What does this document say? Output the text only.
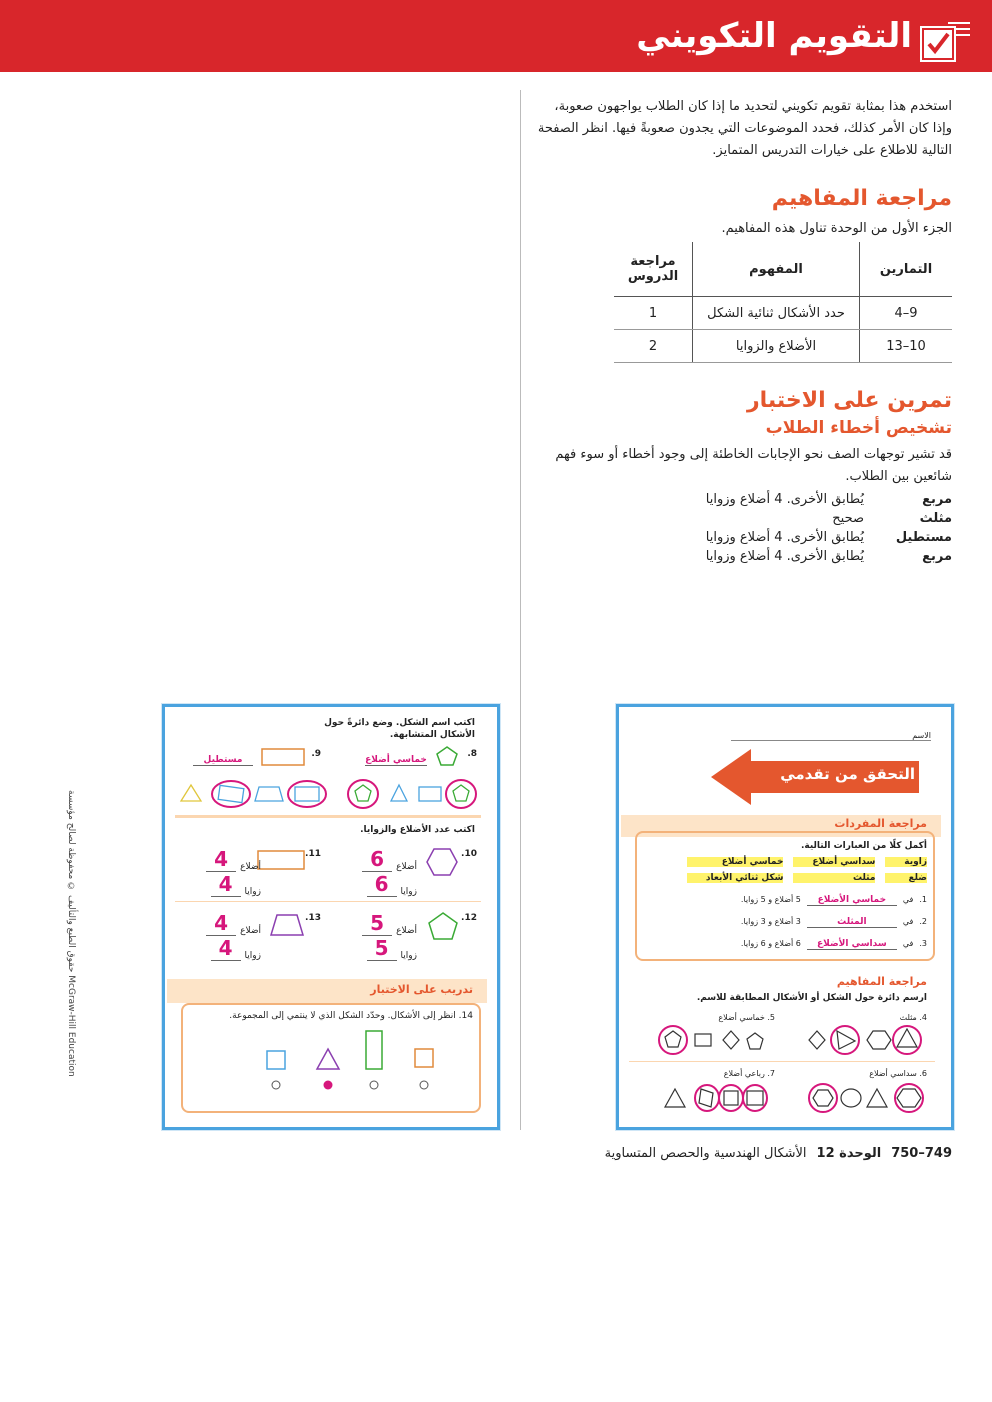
التقويم التكويني
استخدم هذا بمثابة تقويم تكويني لتحديد ما إذا كان الطلاب يواجهون صعوبة، وإذا كان الأمر كذلك، فحدد الموضوعات التي يجدون صعوبةً فيها. انظر الصفحة التالية للاطلاع على خيارات التدريس المتمايز.
مراجعة المفاهيم
الجزء الأول من الوحدة تناول هذه المفاهيم.
التمارين	المفهوم	مراجعة الدروس
9–4	حدد الأشكال ثنائية الشكل	1
10–13	الأضلاع والزوايا	2
تمرين على الاختبار
تشخيص أخطاء الطلاب
قد تشير توجهات الصف نحو الإجابات الخاطئة إلى وجود أخطاء أو سوء فهم شائعين بين الطلاب.
مربع
يُطابق الأخرى. 4 أضلاع وزوايا
مثلث
صحيح
مستطيل
يُطابق الأخرى. 4 أضلاع وزوايا
مربع
يُطابق الأخرى. 4 أضلاع وزوايا
حقوق الطبع والتأليف © محفوظة لصالح مؤسسة McGraw-Hill Education
اكتب اسم الشكل. وضع دائرةً حول الأشكال المتشابهة.
8.
خماسي أضلاع
9.
مستطيل
اكتب عدد الأضلاع والزوايا.
10.
أضلاع
6
زوايا
6
11.
أضلاع
4
زوايا
4
12.
أضلاع
5
زوايا
5
13.
أضلاع
4
زوايا
4
تدريب على الاختبار
14. انظر إلى الأشكال. وحدّد الشكل الذي لا ينتمي إلى المجموعة.
الاسم
التحقق من تقدمي
مراجعة المفردات
أكمل كلًا من العبارات التالية.
زاوية
سداسي أضلاع
خماسي أضلاع
ضلع
مثلث
شكل ثنائي الأبعاد
1.
في
خماسي الأضلاع
5 أضلاع و 5 زوايا.
2.
في
المثلث
3 أضلاع و 3 زوايا.
3.
في
سداسي الأضلاع
6 أضلاع و 6 زوايا.
مراجعة المفاهيم
ارسم دائرة حول الشكل أو الأشكال المطابقة للاسم.
4. مثلث
5. خماسي أضلاع
6. سداسي أضلاع
7. رباعي أضلاع
749–750
الوحدة 12
الأشكال الهندسية والحصص المتساوية
